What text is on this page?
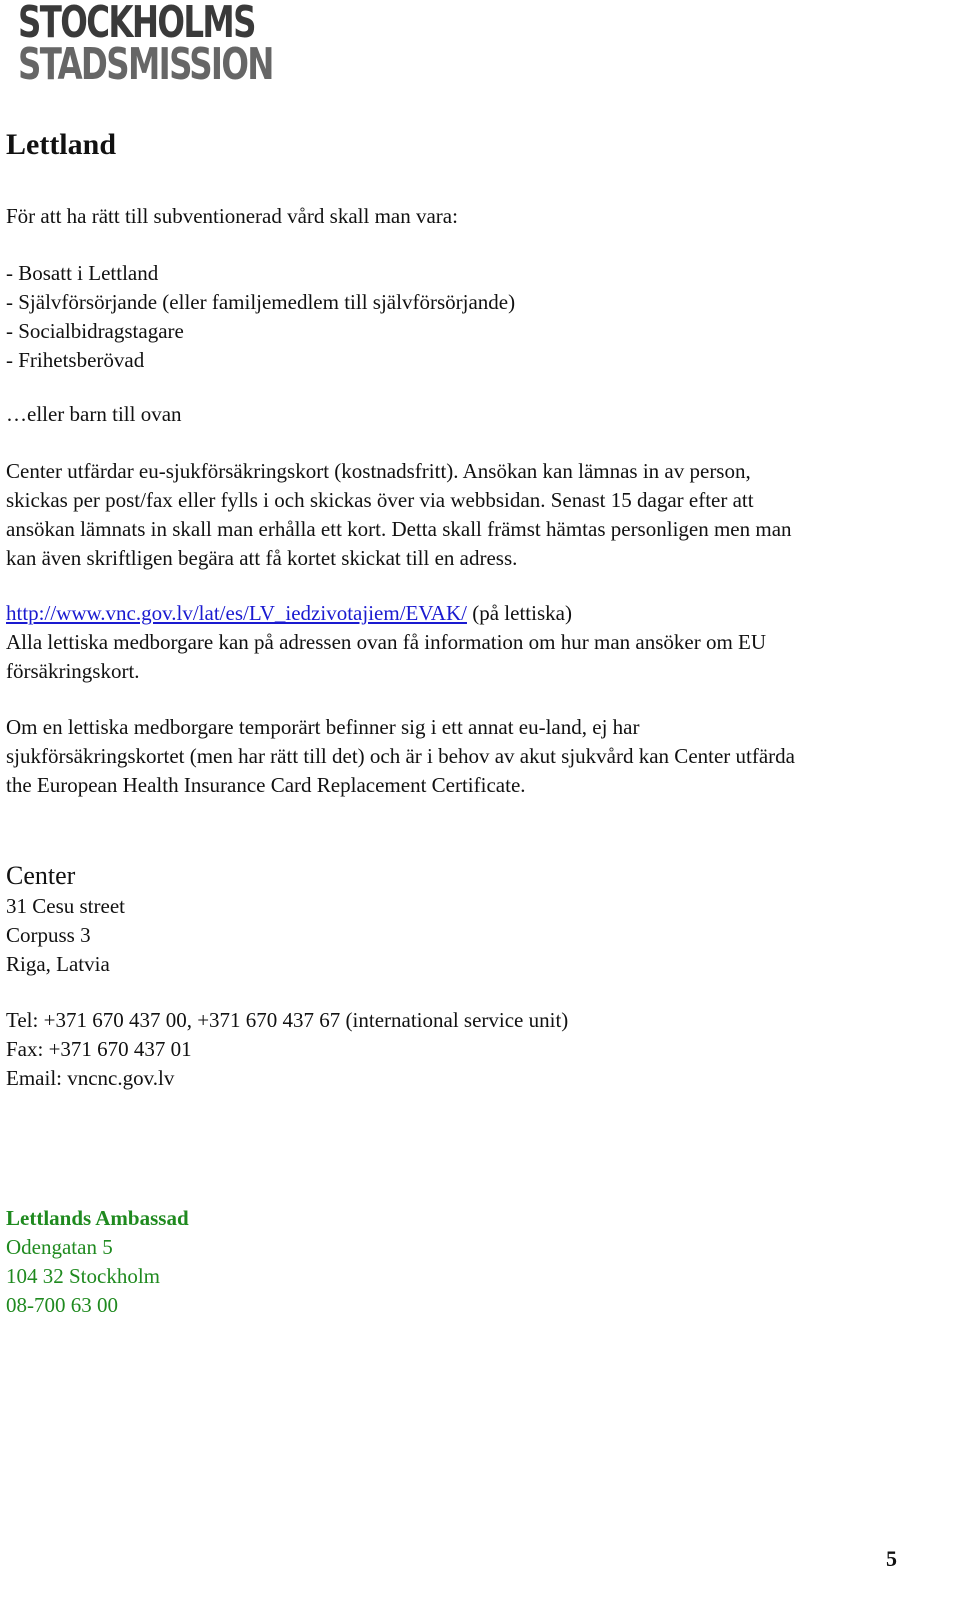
STOCKHOLMS
STADSMISSION
Lettland
För att ha rätt till subventionerad vård skall man vara:
- Bosatt i Lettland
- Självförsörjande (eller familjemedlem till självförsörjande)
- Socialbidragstagare
- Frihetsberövad
…eller barn till ovan
Center utfärdar eu-sjukförsäkringskort (kostnadsfritt). Ansökan kan lämnas in av person,
skickas per post/fax eller fylls i och skickas över via webbsidan. Senast 15 dagar efter att
ansökan lämnats in skall man erhålla ett kort. Detta skall främst hämtas personligen men man
kan även skriftligen begära att få kortet skickat till en adress.
http://www.vnc.gov.lv/lat/es/LV_iedzivotajiem/EVAK/ (på lettiska)
Alla lettiska medborgare kan på adressen ovan få information om hur man ansöker om EU
försäkringskort.
Om en lettiska medborgare temporärt befinner sig i ett annat eu-land, ej har
sjukförsäkringskortet (men har rätt till det) och är i behov av akut sjukvård kan Center utfärda
the European Health Insurance Card Replacement Certificate.
Center
31 Cesu street
Corpuss 3
Riga, Latvia
Tel: +371 670 437 00, +371 670 437 67 (international service unit)
Fax: +371 670 437 01
Email: vncnc.gov.lv
Lettlands Ambassad
Odengatan 5
104 32 Stockholm
08-700 63 00
5
